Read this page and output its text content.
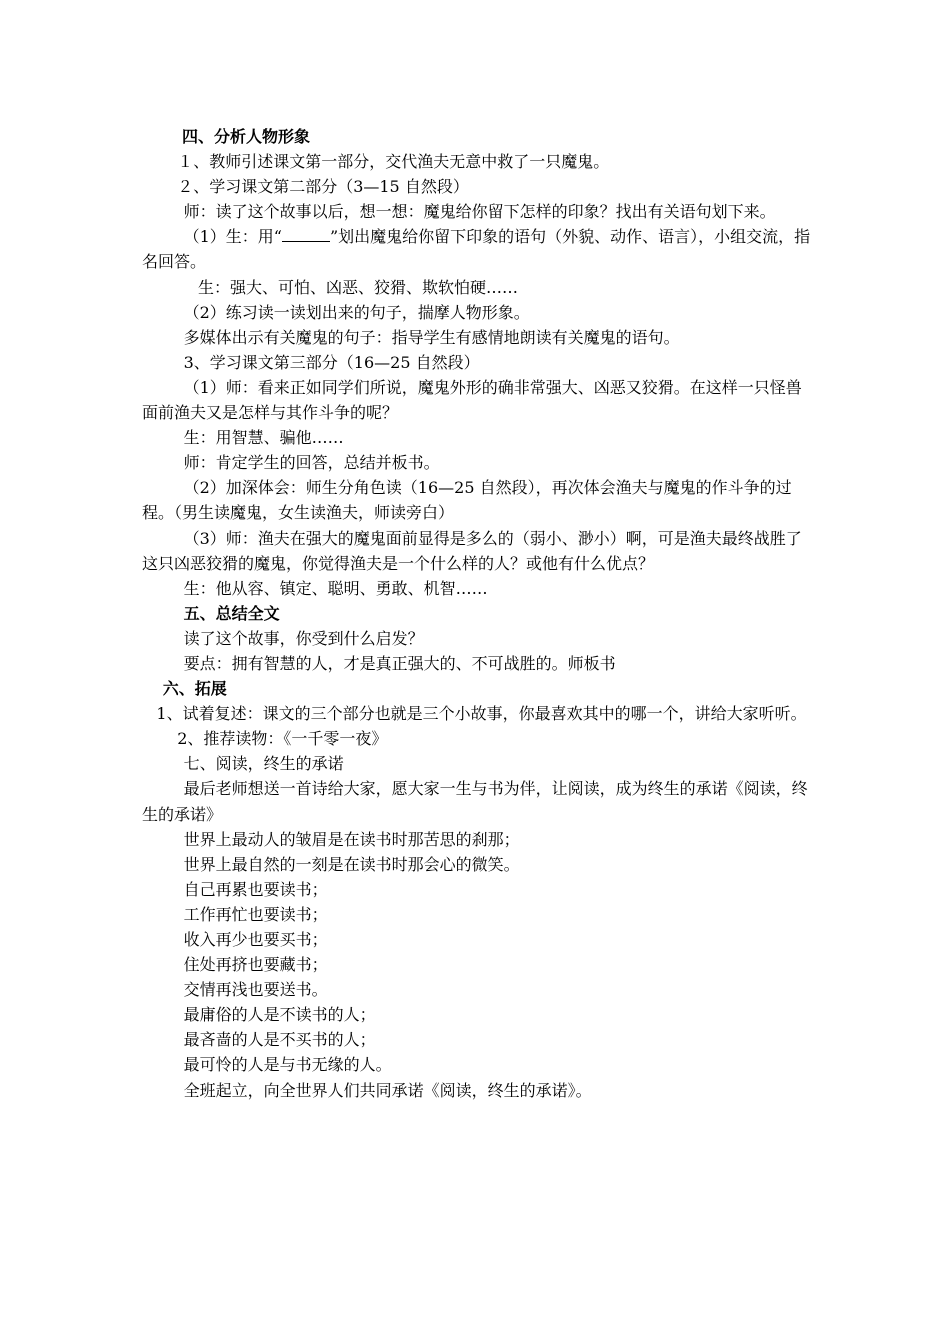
四、分析人物形象

１、教师引述课文第一部分，交代渔夫无意中救了一只魔鬼。

２、学习课文第二部分（3—15 自然段）

师：读了这个故事以后，想一想：魔鬼给你留下怎样的印象？找出有关语句划下来。

（1）生：用“	”划出魔鬼给你留下印象的语句（外貌、动作、语言），小组交流，指名回答。

生：强大、可怕、凶恶、狡猾、欺软怕硬……

（2）练习读一读划出来的句子，揣摩人物形象。

多媒体出示有关魔鬼的句子：指导学生有感情地朗读有关魔鬼的语句。

3、学习课文第三部分（16—25 自然段）

（1）师：看来正如同学们所说，魔鬼外形的确非常强大、凶恶又狡猾。在这样一只怪兽面前渔夫又是怎样与其作斗争的呢？

生：用智慧、骗他……

师：肯定学生的回答，总结并板书。

（2）加深体会：师生分角色读（16—25 自然段），再次体会渔夫与魔鬼的作斗争的过程。（男生读魔鬼，女生读渔夫，师读旁白）

（3）师：渔夫在强大的魔鬼面前显得是多么的（弱小、渺小）啊，可是渔夫最终战胜了这只凶恶狡猾的魔鬼，你觉得渔夫是一个什么样的人？或他有什么优点？

生：他从容、镇定、聪明、勇敢、机智……

五、总结全文

读了这个故事，你受到什么启发？

要点：拥有智慧的人，才是真正强大的、不可战胜的。师板书

六、拓展

1、试着复述：课文的三个部分也就是三个小故事，你最喜欢其中的哪一个，讲给大家听听。

2、推荐读物：《一千零一夜》

七、阅读，终生的承诺

最后老师想送一首诗给大家，愿大家一生与书为伴，让阅读，成为终生的承诺《阅读，终生的承诺》

世界上最动人的皱眉是在读书时那苦思的刹那；

世界上最自然的一刻是在读书时那会心的微笑。

自己再累也要读书；

工作再忙也要读书；

收入再少也要买书；

住处再挤也要藏书；

交情再浅也要送书。

最庸俗的人是不读书的人；

最吝啬的人是不买书的人；

最可怜的人是与书无缘的人。

全班起立，向全世界人们共同承诺《阅读，终生的承诺》。
